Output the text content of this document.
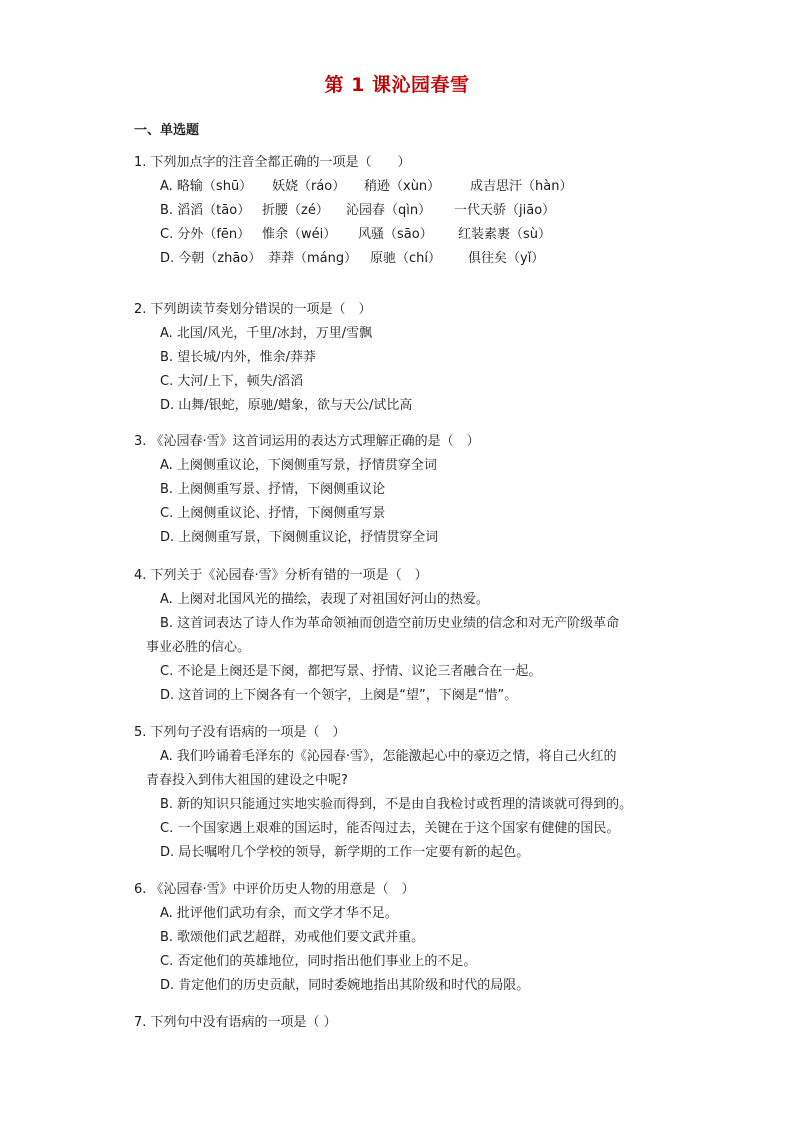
第 1 课沁园春雪
一、单选题
1. 下列加点字的注音全都正确的一项是（　　）
A. 略输（shū） 妖娆（ráo） 稍逊（xùn） 成吉思汗（hàn）
B. 滔滔（tāo） 折腰（zé） 沁园春（qìn） 一代天骄（jiāo）
C. 分外（fēn） 惟余（wéi） 风骚（sāo） 红装素裹（sù）
D. 今朝（zhāo） 莽莽（máng） 原驰（chí） 俱往矣（yǐ）
2. 下列朗读节奏划分错误的一项是（　）
A. 北国/风光，千里/冰封，万里/雪飘
B. 望长城/内外，惟余/莽莽
C. 大河/上下，顿失/滔滔
D. 山舞/银蛇，原驰/蜡象，欲与天公/试比高
3. 《沁园春·雪》这首词运用的表达方式理解正确的是（　）
A. 上阕侧重议论，下阕侧重写景，抒情贯穿全词
B. 上阕侧重写景、抒情，下阕侧重议论
C. 上阕侧重议论、抒情，下阕侧重写景
D. 上阕侧重写景，下阕侧重议论，抒情贯穿全词
4. 下列关于《沁园春·雪》分析有错的一项是（　）
A. 上阕对北国风光的描绘，表现了对祖国好河山的热爱。
B. 这首词表达了诗人作为革命领袖而创造空前历史业绩的信念和对无产阶级革命
事业必胜的信心。
C. 不论是上阕还是下阕，都把写景、抒情、议论三者融合在一起。
D. 这首词的上下阕各有一个领字，上阕是“望”，下阕是“惜”。
5. 下列句子没有语病的一项是（　）
A. 我们吟诵着毛泽东的《沁园春·雪》，怎能激起心中的豪迈之情，将自己火红的
青春投入到伟大祖国的建设之中呢?
B. 新的知识只能通过实地实验而得到，不是由自我检讨或哲理的清谈就可得到的。
C. 一个国家遇上艰难的国运时，能否闯过去，关键在于这个国家有健健的国民。
D. 局长嘱咐几个学校的领导，新学期的工作一定要有新的起色。
6. 《沁园春·雪》中评价历史人物的用意是（　）
A. 批评他们武功有余，而文学才华不足。
B. 歌颂他们武艺超群，劝戒他们要文武并重。
C. 否定他们的英雄地位，同时指出他们事业上的不足。
D. 肯定他们的历史贡献，同时委婉地指出其阶级和时代的局限。
7. 下列句中没有语病的一项是（ ）
